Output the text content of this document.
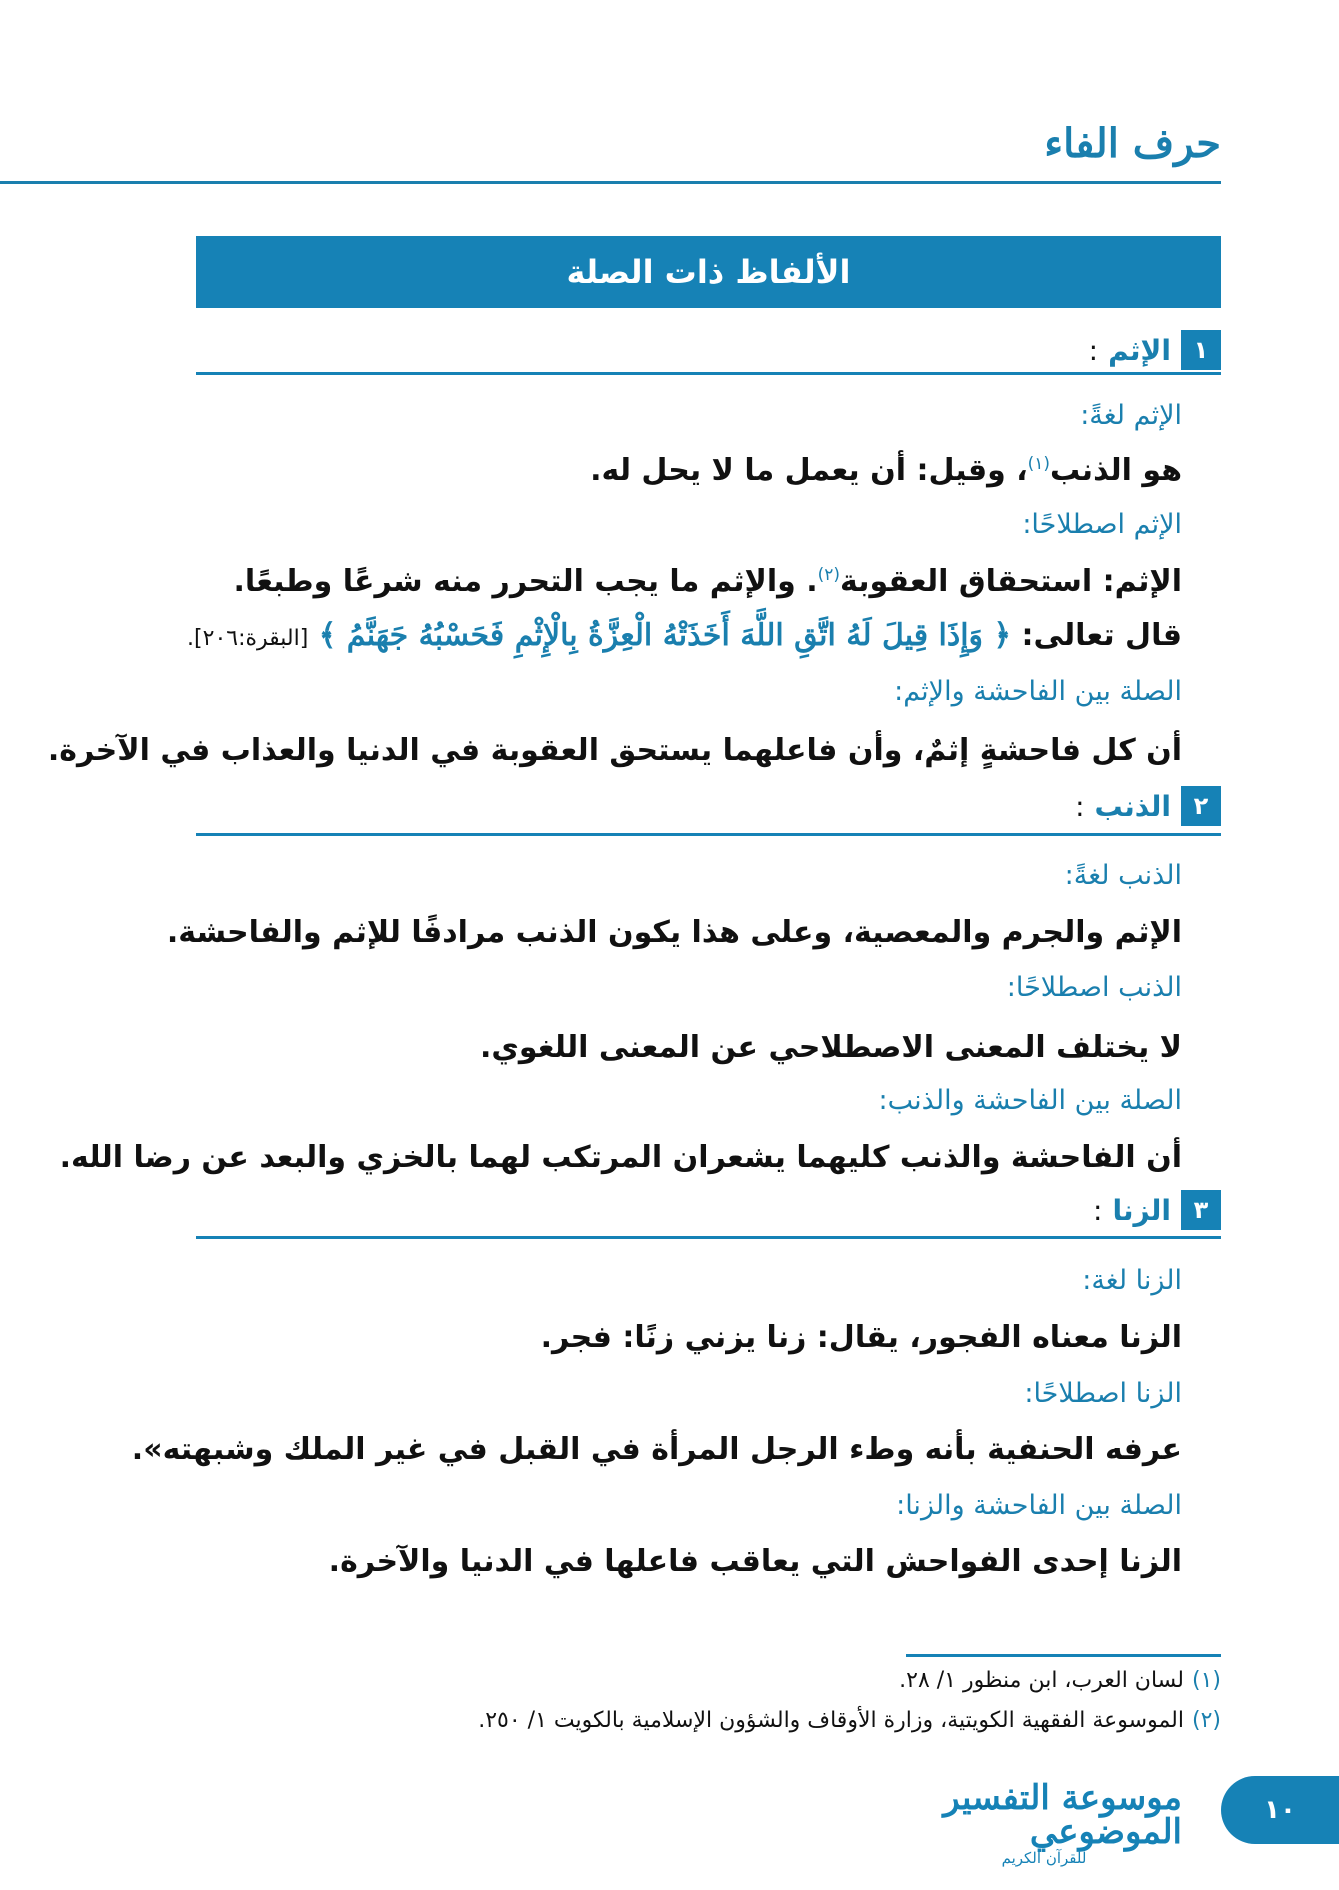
حرف الفاء
الألفاظ ذات الصلة
١
الإثم
:
الإثم لغةً:
هو الذنب$^{(١)}$، وقيل: أن يعمل ما لا يحل له.
الإثم اصطلاحًا:
الإثم: استحقاق العقوبة$^{(٢)}$. والإثم ما يجب التحرر منه شرعًا وطبعًا.
قال تعالى: ﴿ وَإِذَا قِيلَ لَهُ اتَّقِ اللَّهَ أَخَذَتْهُ الْعِزَّةُ بِالْإِثْمِ فَحَسْبُهُ جَهَنَّمُ ﴾ [البقرة:٢٠٦].
الصلة بين الفاحشة والإثم:
أن كل فاحشةٍ إثمٌ، وأن فاعلهما يستحق العقوبة في الدنيا والعذاب في الآخرة.
٢
الذنب
:
الذنب لغةً:
الإثم والجرم والمعصية، وعلى هذا يكون الذنب مرادفًا للإثم والفاحشة.
الذنب اصطلاحًا:
لا يختلف المعنى الاصطلاحي عن المعنى اللغوي.
الصلة بين الفاحشة والذنب:
أن الفاحشة والذنب كليهما يشعران المرتكب لهما بالخزي والبعد عن رضا الله.
٣
الزنا
:
الزنا لغة:
الزنا معناه الفجور، يقال: زنا يزني زنًا: فجر.
الزنا اصطلاحًا:
عرفه الحنفية بأنه وطء الرجل المرأة في القبل في غير الملك وشبهته».
الصلة بين الفاحشة والزنا:
الزنا إحدى الفواحش التي يعاقب فاعلها في الدنيا والآخرة.
(١)لسان العرب، ابن منظور ١/ ٢٨.
(٢)الموسوعة الفقهية الكويتية، وزارة الأوقاف والشؤون الإسلامية بالكويت ١/ ٢٥٠.
موسوعة التفسير الموضوعي
للقرآن الكريم
١٠
